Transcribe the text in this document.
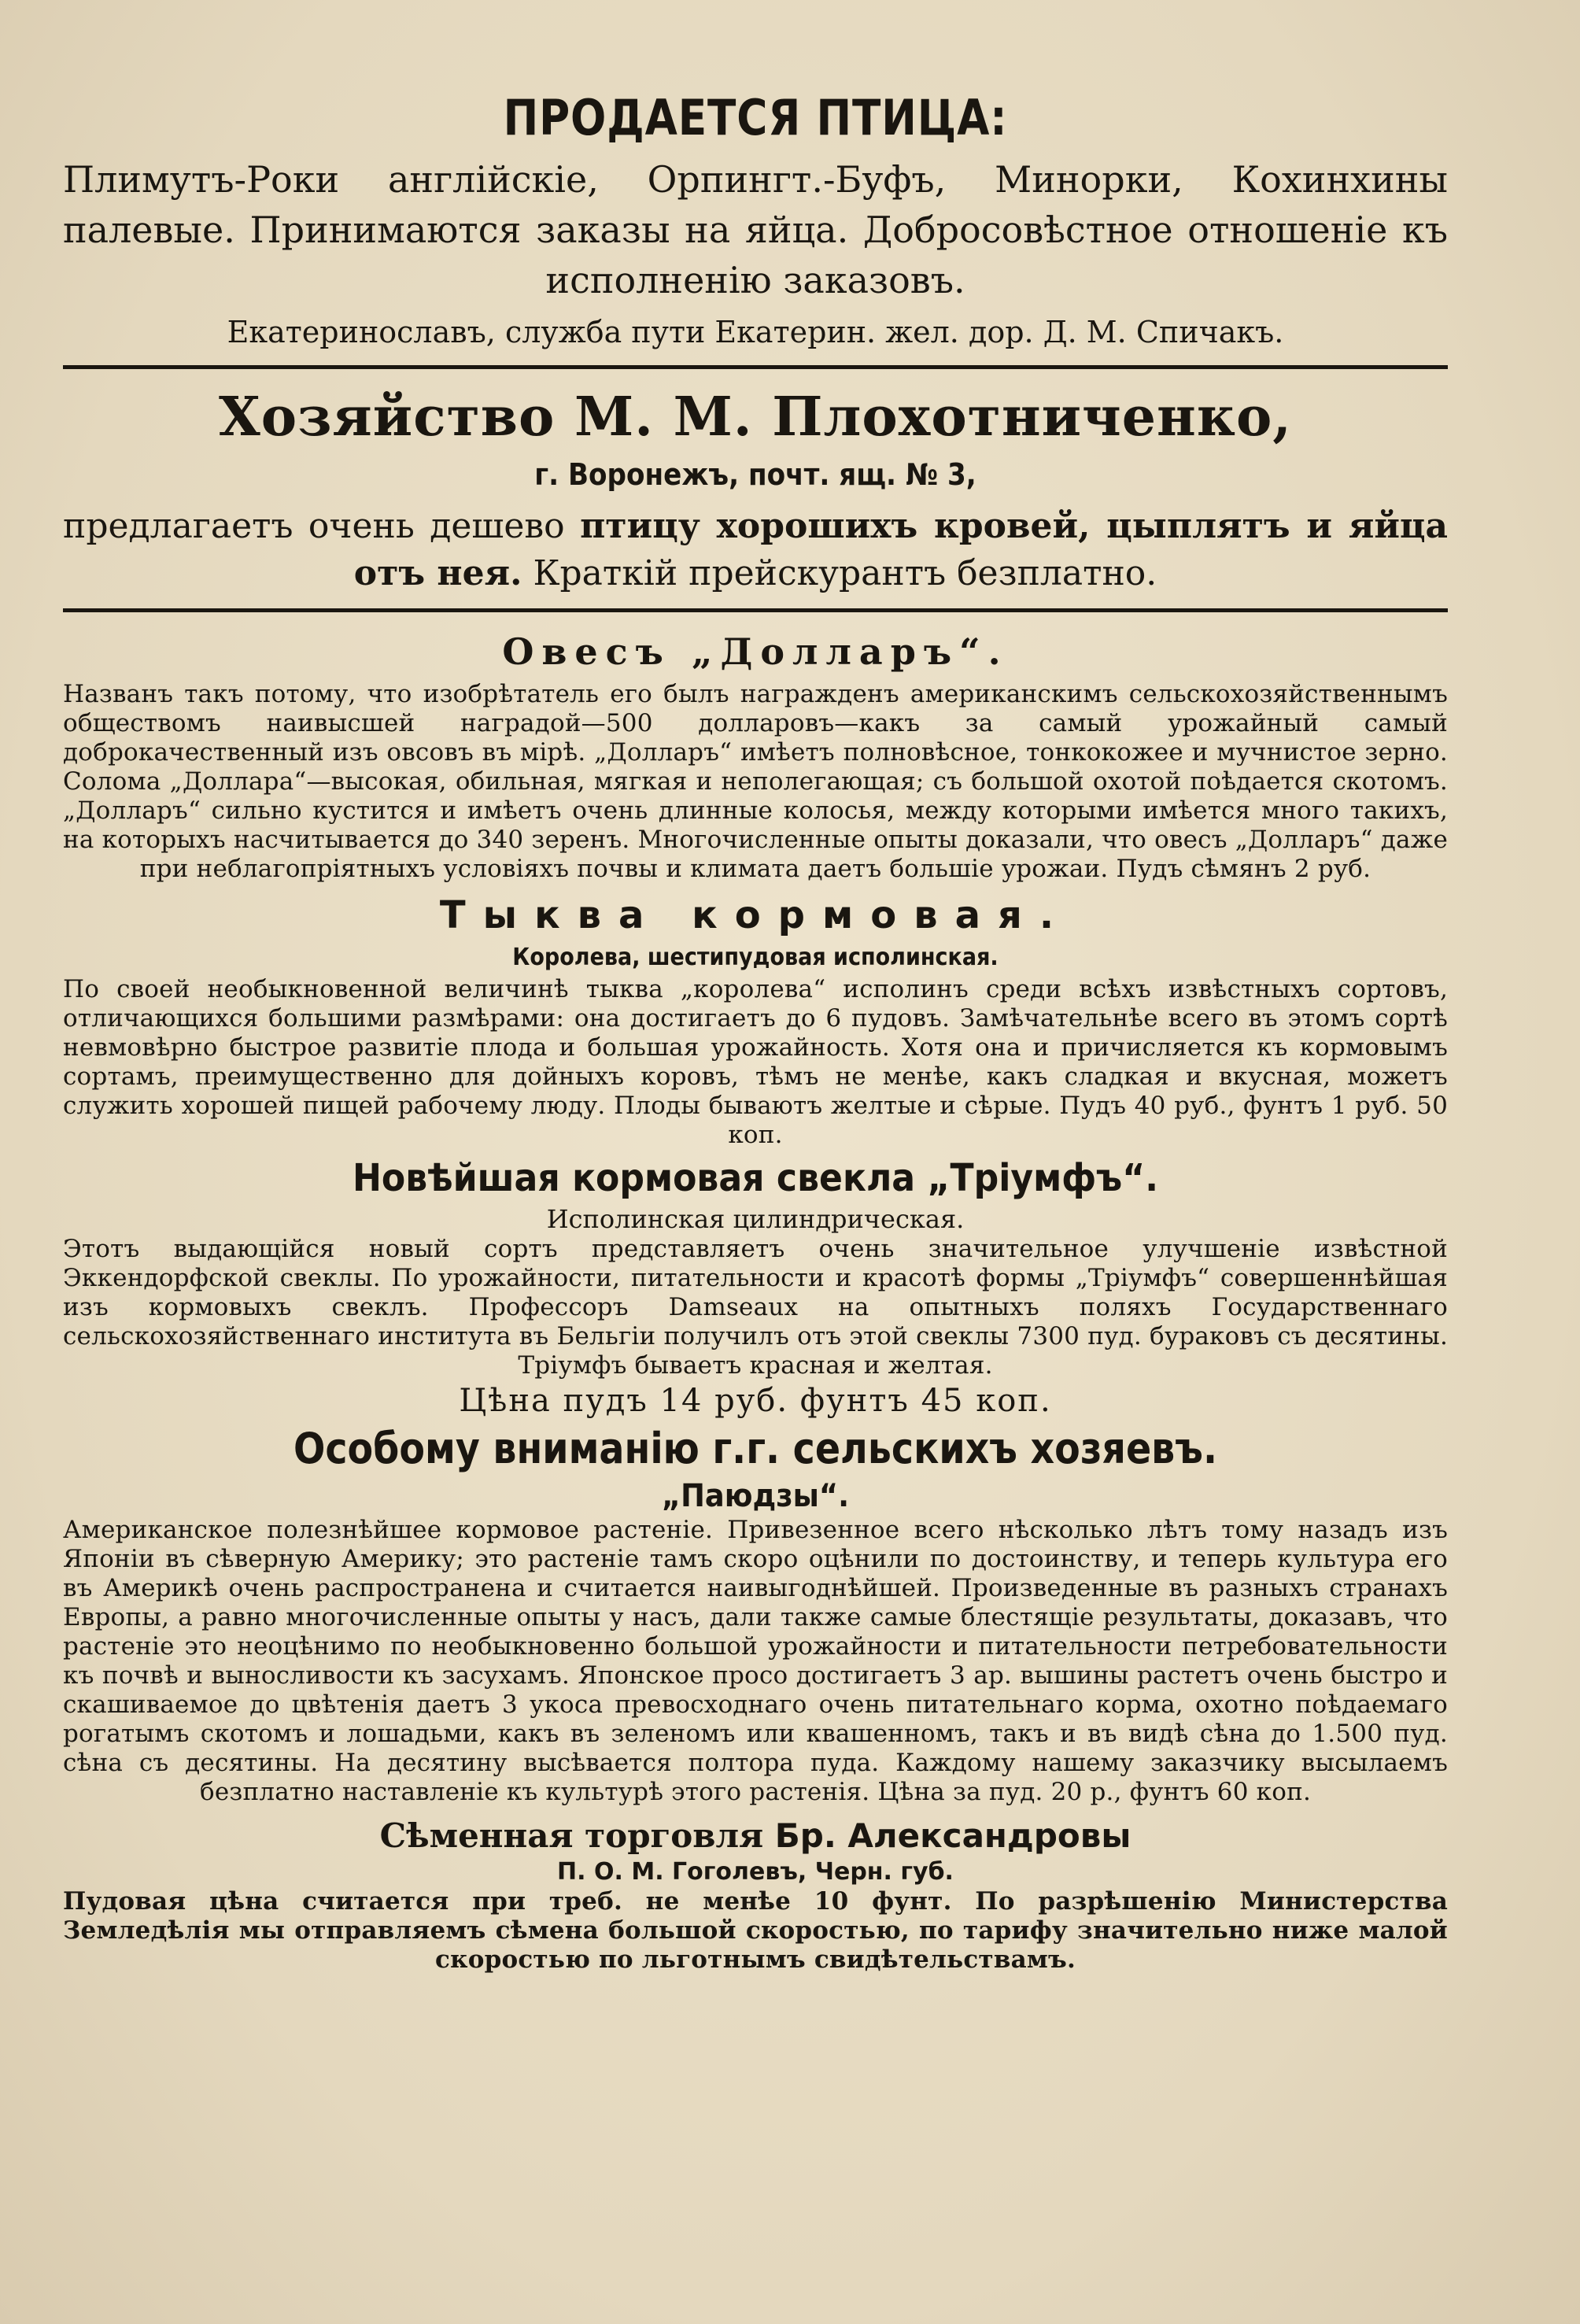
ПРОДАЕТСЯ ПТИЦА:

Плимутъ-Роки англійскіе, Орпингт.-Буфъ, Минорки, Кохинхины палевые. Принимаются заказы на яйца. Добросовѣстное отношеніе къ исполненію заказовъ.

Екатеринославъ, служба пути Екатерин. жел. дор. Д. М. Спичакъ.

Хозяйство М. М. Плохотниченко,

г. Воронежъ, почт. ящ. № 3,

предлагаетъ очень дешево птицу хорошихъ кровей, цыплятъ и яйца отъ нея. Краткій прейскурантъ безплатно.

Овесъ „Долларъ“.

Названъ такъ потому, что изобрѣтатель его былъ награжденъ американскимъ сельскохозяйственнымъ обществомъ наивысшей наградой—500 долларовъ—какъ за самый урожайный самый доброкачественный изъ овсовъ въ мірѣ. „Долларъ“ имѣетъ полновѣсное, тонкокожее и мучнистое зерно. Солома „Доллара“—высокая, обильная, мягкая и неполегающая; съ большой охотой поѣдается скотомъ. „Долларъ“ сильно кустится и имѣетъ очень длинные колосья, между которыми имѣется много такихъ, на которыхъ насчитывается до 340 зеренъ. Многочисленные опыты доказали, что овесъ „Долларъ“ даже при неблагопріятныхъ условіяхъ почвы и климата даетъ большіе урожаи. Пудъ сѣмянъ 2 руб.

Тыква кормовая.

Королева, шестипудовая исполинская.

По своей необыкновенной величинѣ тыква „королева“ исполинъ среди всѣхъ извѣстныхъ сортовъ, отличающихся большими размѣрами: она достигаетъ до 6 пудовъ. Замѣчательнѣе всего въ этомъ сортѣ невмовѣрно быстрое развитіе плода и большая урожайность. Хотя она и причисляется къ кормовымъ сортамъ, преимущественно для дойныхъ коровъ, тѣмъ не менѣе, какъ сладкая и вкусная, можетъ служить хорошей пищей рабочему люду. Плоды бываютъ желтые и сѣрые. Пудъ 40 руб., фунтъ 1 руб. 50 коп.

Новѣйшая кормовая свекла „Тріумфъ“.

Исполинская цилиндрическая.

Этотъ выдающійся новый сортъ представляетъ очень значительное улучшеніе извѣстной Эккендорфской свеклы. По урожайности, питательности и красотѣ формы „Тріумфъ“ совершеннѣйшая изъ кормовыхъ свеклъ. Профессоръ Damseaux на опытныхъ поляхъ Государственнаго сельскохозяйственнаго института въ Бельгіи получилъ отъ этой свеклы 7300 пуд. бураковъ съ десятины. Тріумфъ бываетъ красная и желтая.

Цѣна пудъ 14 руб. фунтъ 45 коп.

Особому вниманію г.г. сельскихъ хозяевъ.

„Паюдзы“.

Американское полезнѣйшее кормовое растеніе. Привезенное всего нѣсколько лѣтъ тому назадъ изъ Японіи въ сѣверную Америку; это растеніе тамъ скоро оцѣнили по достоинству, и теперь культура его въ Америкѣ очень распространена и считается наивыгоднѣйшей. Произведенные въ разныхъ странахъ Европы, а равно многочисленные опыты у насъ, дали также самые блестящіе результаты, доказавъ, что растеніе это неоцѣнимо по необыкновенно большой урожайности и питательности петребовательности къ почвѣ и выносливости къ засухамъ. Японское просо достигаетъ 3 ар. вышины растетъ очень быстро и скашиваемое до цвѣтенія даетъ 3 укоса превосходнаго очень питательнаго корма, охотно поѣдаемаго рогатымъ скотомъ и лошадьми, какъ въ зеленомъ или квашенномъ, такъ и въ видѣ сѣна до 1.500 пуд. сѣна съ десятины. На десятину высѣвается полтора пуда. Каждому нашему заказчику высылаемъ безплатно наставленіе къ культурѣ этого растенія. Цѣна за пуд. 20 р., фунтъ 60 коп.

Сѣменная торговля Бр. Александровы

П. О. М. Гоголевъ, Черн. губ.

Пудовая цѣна считается при треб. не менѣе 10 фунт. По разрѣшенію Министерства Земледѣлія мы отправляемъ сѣмена большой скоростью, по тарифу значительно ниже малой скоростью по льготнымъ свидѣтельствамъ.
